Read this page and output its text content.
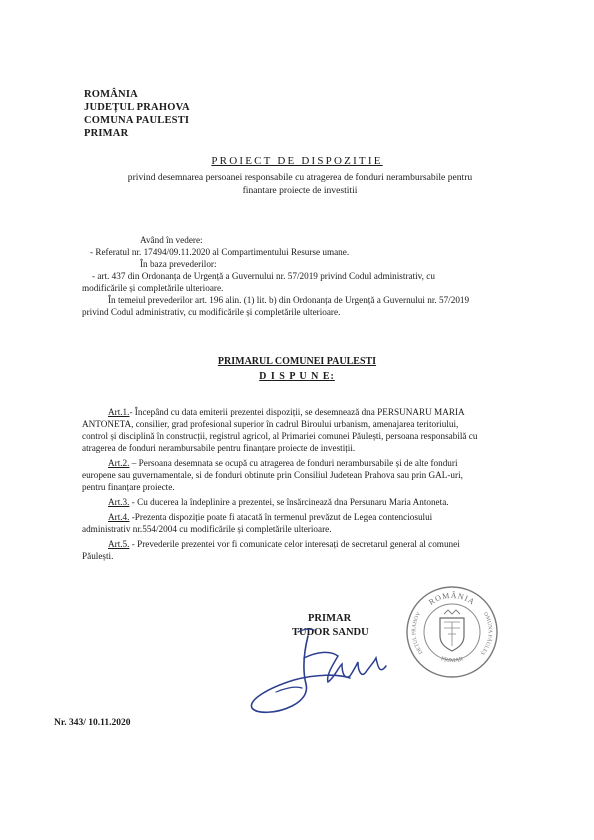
ROMÂNIA
JUDEȚUL PRAHOVA
COMUNA PAULESTI
PRIMAR
PROIECT DE DISPOZITIE
privind desemnarea persoanei responsabile cu atragerea de fonduri nerambursabile pentru
finantare proiecte de investitii
Având în vedere:
- Referatul nr. 17494/09.11.2020 al Compartimentului Resurse umane.
În baza prevederilor:
- art. 437 din Ordonanța de Urgență a Guvernului nr. 57/2019 privind Codul administrativ, cu
modificările și completările ulterioare.
În temeiul prevederilor art. 196 alin. (1) lit. b) din Ordonanța de Urgență a Guvernului nr. 57/2019
privind Codul administrativ, cu modificările și completările ulterioare.
PRIMARUL COMUNEI PAULESTI
D I S P U N E:
Art.1.- Începând cu data emiterii prezentei dispoziții, se desemnează dna PERSUNARU MARIA
ANTONETA, consilier, grad profesional superior în cadrul Biroului urbanism, amenajarea teritoriului,
control și disciplină în construcții, registrul agricol, al Primariei comunei Păulești, persoana responsabilă cu
atragerea de fonduri nerambursabile pentru finanțare proiecte de investiții.
Art.2. – Persoana desemnata se ocupă cu atragerea de fonduri nerambursabile și de alte fonduri
europene sau guvernamentale, si de fonduri obtinute prin Consiliul Judetean Prahova sau prin GAL-uri,
pentru finanțare proiecte.
Art.3. - Cu ducerea la îndeplinire a prezentei, se însărcinează dna Persunaru Maria Antoneta.
Art.4. -Prezenta dispoziție poate fi atacată în termenul prevăzut de Legea contenciosului
administrativ nr.554/2004 cu modificările și completările ulterioare.
Art.5. - Prevederile prezentei vor fi comunicate celor interesați de secretarul general al comunei
Păulești.
PRIMAR
TUDOR SANDU
ROMÂNIA
DEȚUL PRAHOV	OMUNA PĂULEȘ
PRIMAR
Nr. 343/ 10.11.2020
